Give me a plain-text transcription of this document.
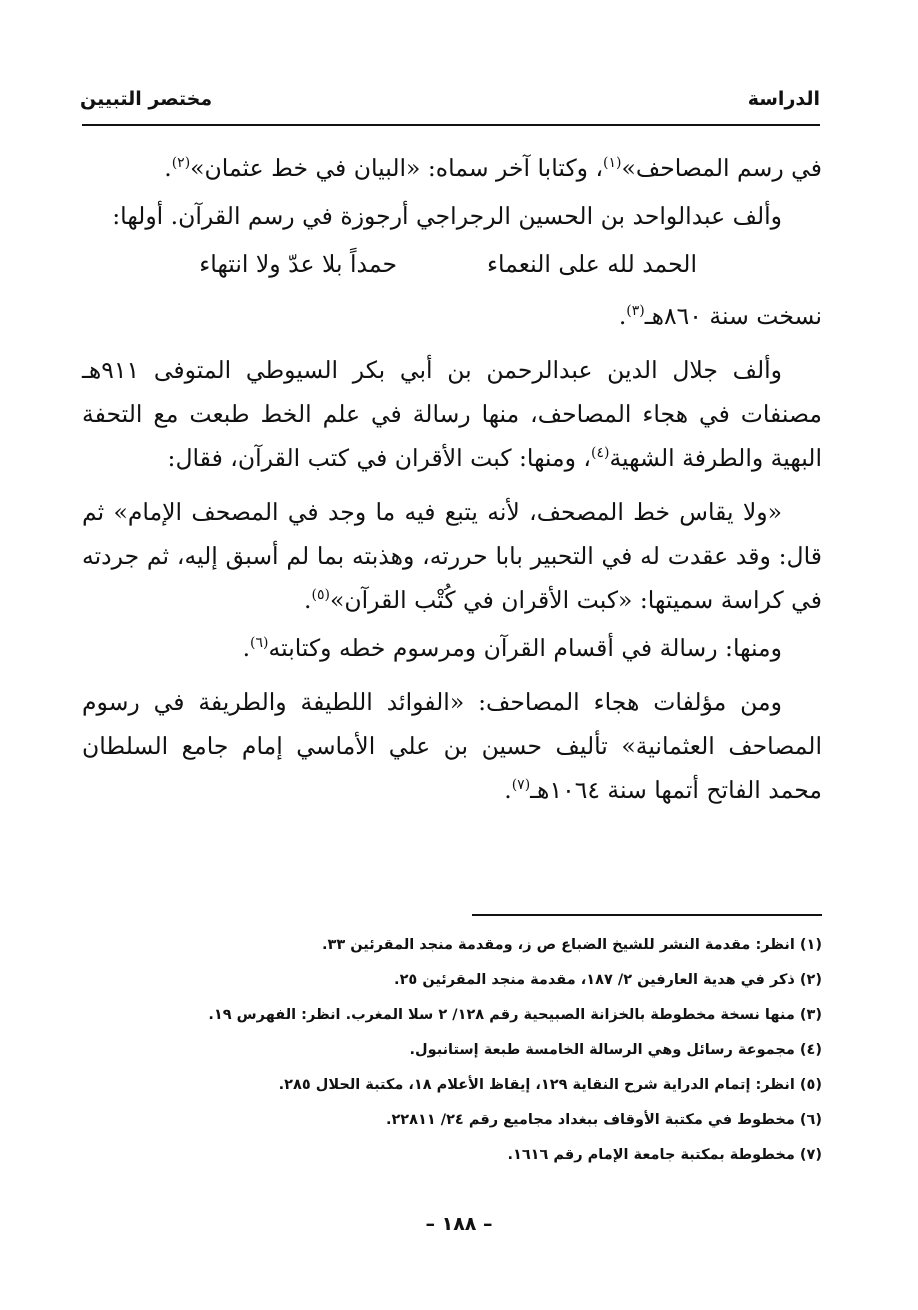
الدراسة
مختصر التبيين

في رسم المصاحف»$^{(١)}$، وكتابا آخر سماه: «البيان في خط عثمان»$^{(٢)}$.

وألف عبدالواحد بن الحسين الرجراجي أرجوزة في رسم القرآن. أولها:

الحمد لله على النعماء
حمداً بلا عدّ ولا انتهاء

نسخت سنة ٨٦٠هـ$^{(٣)}$.

وألف جلال الدين عبدالرحمن بن أبي بكر السيوطي المتوفى ٩١١هـ مصنفات في هجاء المصاحف، منها رسالة في علم الخط طبعت مع التحفة البهية والطرفة الشهية$^{(٤)}$، ومنها: كبت الأقران في كتب القرآن، فقال:

«ولا يقاس خط المصحف، لأنه يتبع فيه ما وجد في المصحف الإمام» ثم قال: وقد عقدت له في التحبير بابا حررته، وهذبته بما لم أسبق إليه، ثم جردته في كراسة سميتها: «كبت الأقران في كُتْب القرآن»$^{(٥)}$.

ومنها: رسالة في أقسام القرآن ومرسوم خطه وكتابته$^{(٦)}$.

ومن مؤلفات هجاء المصاحف: «الفوائد اللطيفة والطريفة في رسوم المصاحف العثمانية» تأليف حسين بن علي الأماسي إمام جامع السلطان محمد الفاتح أتمها سنة ١٠٦٤هـ$^{(٧)}$.

(١) انظر: مقدمة النشر للشيخ الضباع ص ز، ومقدمة منجد المقرئين ٣٣.

(٢) ذكر في هدية العارفين ٢/ ١٨٧، مقدمة منجد المقرئين ٢٥.

(٣) منها نسخة مخطوطة بالخزانة الصبيحية رقم ١٢٨/ ٢ سلا المغرب. انظر: الفهرس ١٩.

(٤) مجموعة رسائل وهي الرسالة الخامسة طبعة إستانبول.

(٥) انظر: إتمام الدراية شرح النقاية ١٢٩، إيقاظ الأعلام ١٨، مكتبة الحلال ٢٨٥.

(٦) مخطوط في مكتبة الأوقاف ببغداد مجاميع رقم ٢٤/ ٢٢٨١١.

(٧) مخطوطة بمكتبة جامعة الإمام رقم ١٦١٦.

– ١٨٨ –
